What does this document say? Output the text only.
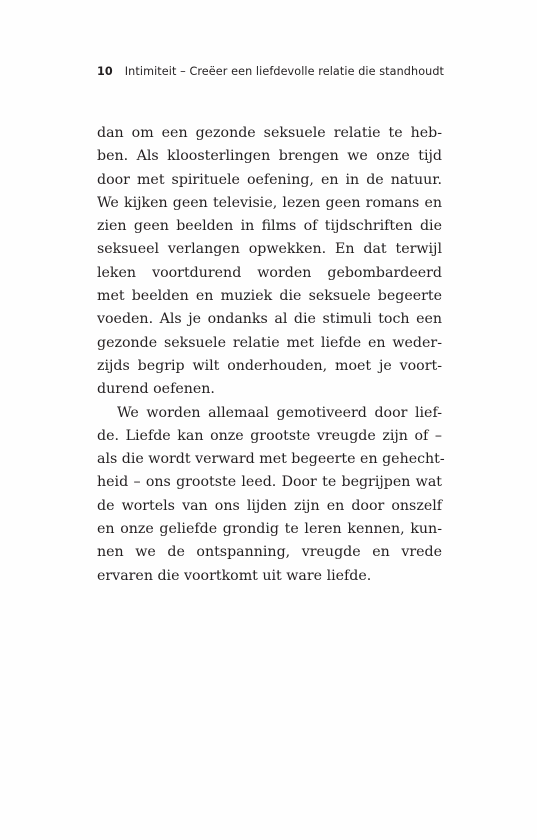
10 Intimiteit – Creëer een liefdevolle relatie die standhoudt
dan om een gezonde seksuele relatie te heb-
ben. Als kloosterlingen brengen we onze tijd
door met spirituele oefening, en in de natuur.
We kijken geen televisie, lezen geen romans en
zien geen beelden in films of tijdschriften die
seksueel verlangen opwekken. En dat terwijl
leken voortdurend worden gebombardeerd
met beelden en muziek die seksuele begeerte
voeden. Als je ondanks al die stimuli toch een
gezonde seksuele relatie met liefde en weder-
zijds begrip wilt onderhouden, moet je voort-
durend oefenen.
We worden allemaal gemotiveerd door lief-
de. Liefde kan onze grootste vreugde zijn of –
als die wordt verward met begeerte en gehecht-
heid – ons grootste leed. Door te begrijpen wat
de wortels van ons lijden zijn en door onszelf
en onze geliefde grondig te leren kennen, kun-
nen we de ontspanning, vreugde en vrede
ervaren die voortkomt uit ware liefde.
